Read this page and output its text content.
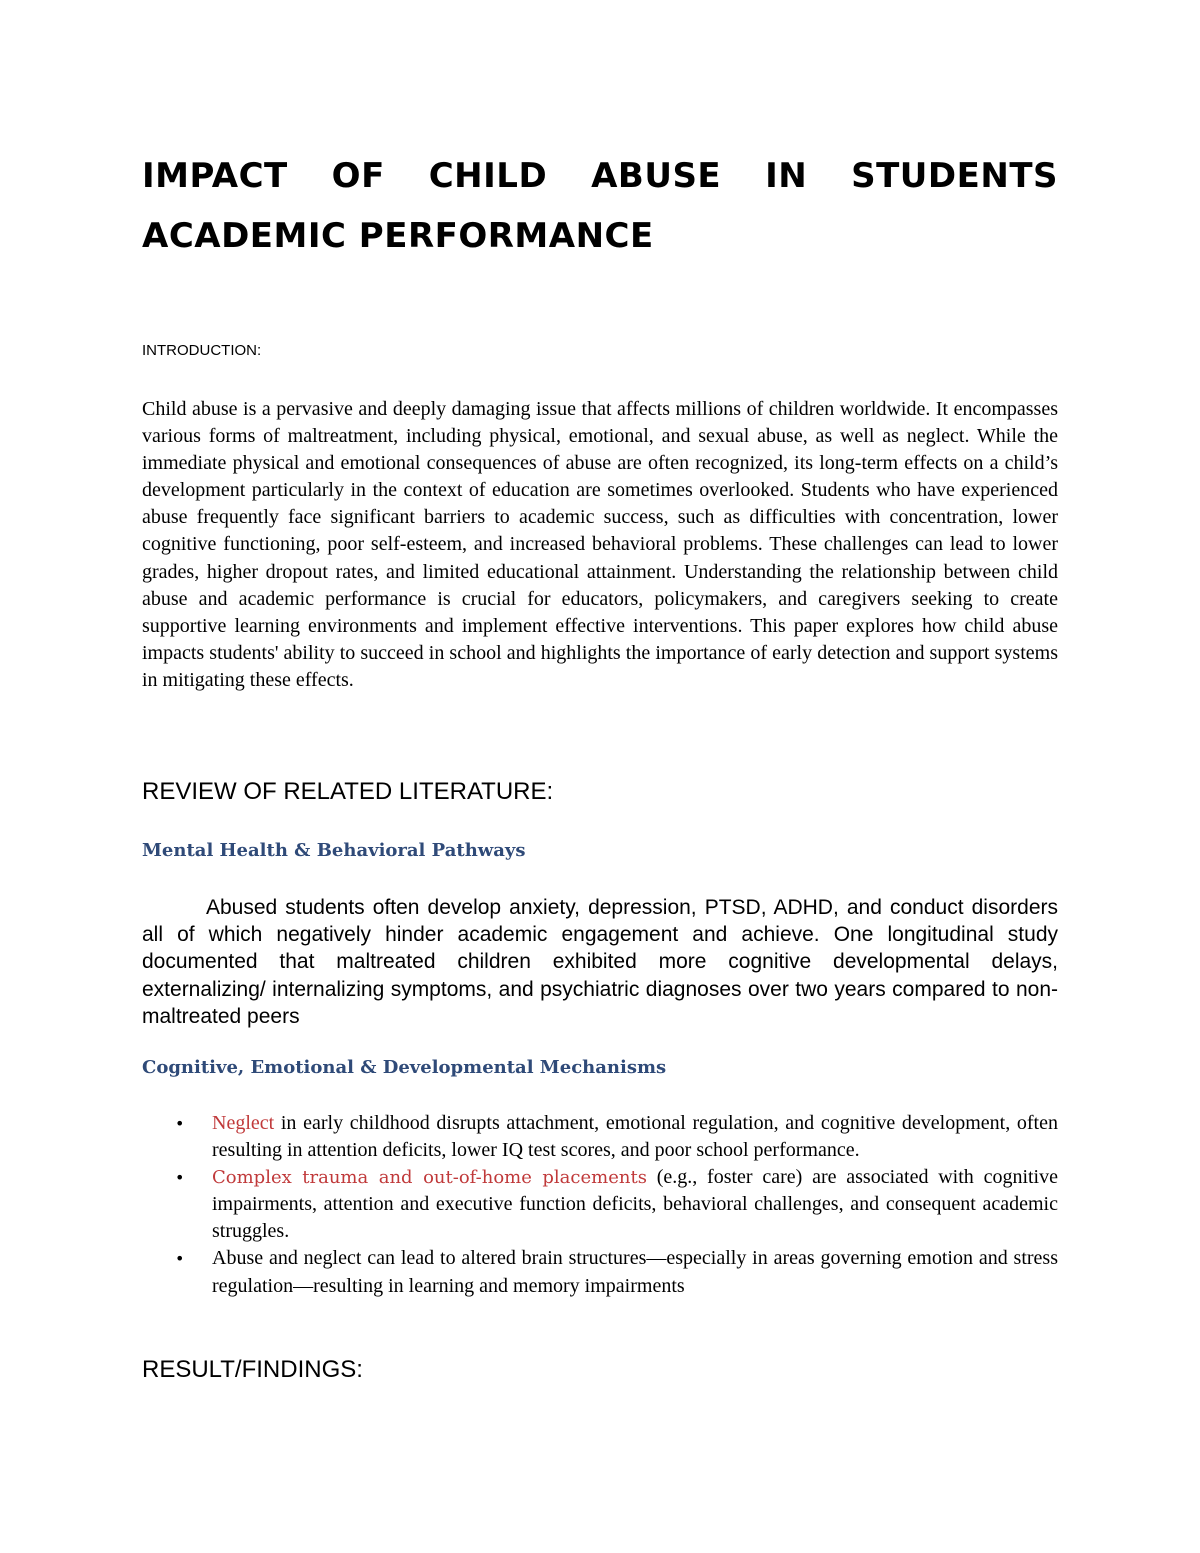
IMPACT OF CHILD ABUSE IN STUDENTS
ACADEMIC PERFORMANCE

INTRODUCTION:

Child abuse is a pervasive and deeply damaging issue that affects millions of children worldwide. It encompasses various forms of maltreatment, including physical, emotional, and sexual abuse, as well as neglect. While the immediate physical and emotional consequences of abuse are often recognized, its long-term effects on a child’s development particularly in the context of education are sometimes overlooked. Students who have experienced abuse frequently face significant barriers to academic success, such as difficulties with concentration, lower cognitive functioning, poor self-esteem, and increased behavioral problems. These challenges can lead to lower grades, higher dropout rates, and limited educational attainment. Understanding the relationship between child abuse and academic performance is crucial for educators, policymakers, and caregivers seeking to create supportive learning environments and implement effective interventions. This paper explores how child abuse impacts students' ability to succeed in school and highlights the importance of early detection and support systems in mitigating these effects.

REVIEW OF RELATED LITERATURE:
Mental Health & Behavioral Pathways

Abused students often develop anxiety, depression, PTSD, ADHD, and conduct disorders all of which negatively hinder academic engagement and achieve. One longitudinal study documented that maltreated children exhibited more cognitive developmental delays, externalizing/ internalizing symptoms, and psychiatric diagnoses over two years compared to non-maltreated peers

Cognitive, Emotional & Developmental Mechanisms
• Neglect in early childhood disrupts attachment, emotional regulation, and cognitive development, often resulting in attention deficits, lower IQ test scores, and poor school performance.
• Complex trauma and out-of-home placements (e.g., foster care) are associated with cognitive impairments, attention and executive function deficits, behavioral challenges, and consequent academic struggles.
• Abuse and neglect can lead to altered brain structures—especially in areas governing emotion and stress regulation—resulting in learning and memory impairments
RESULT/FINDINGS:
